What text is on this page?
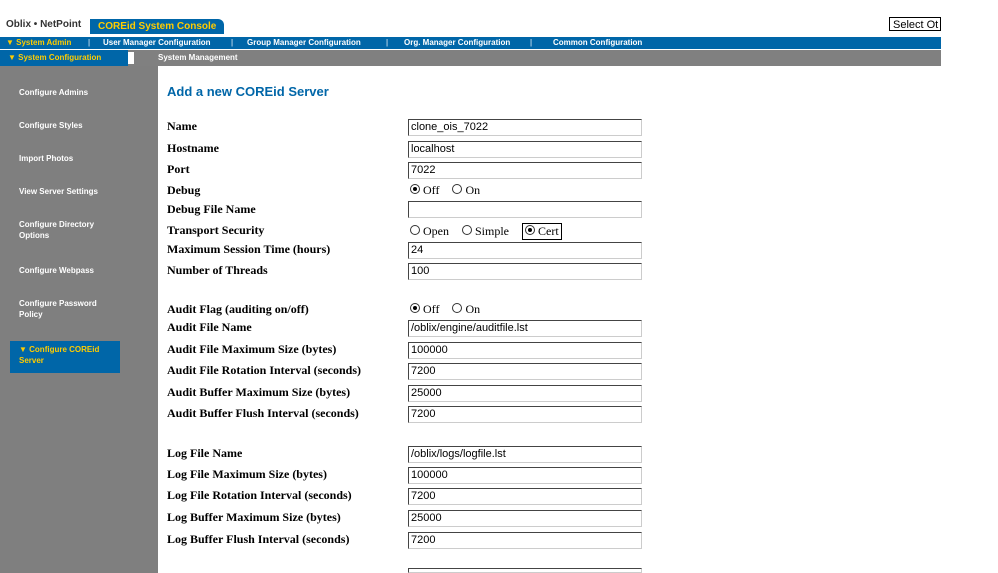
Oblix • NetPoint	COREid System Console	Select Ot
▼ System Admin | User Manager Configuration	| Group Manager Configuration	| Org. Manager Configuration |	Common Configuration
▼ System Configuration	System Management
Configure Admins
Configure Styles
Import Photos
View Server Settings
Configure Directory Options
Configure Webpass
Configure Password Policy
▼ Configure COREid Server
Add a new COREid Server
Name	clone_ois_7022
Hostname	localhost
Port	7022
Debug	Off On
Debug File Name
Transport Security	Open Simple Cert
Maximum Session Time (hours)	24
Number of Threads	100
Audit Flag (auditing on/off)	Off On
Audit File Name	/oblix/engine/auditfile.lst
Audit File Maximum Size (bytes)	100000
Audit File Rotation Interval (seconds)	7200
Audit Buffer Maximum Size (bytes)	25000
Audit Buffer Flush Interval (seconds)	7200
Log File Name	/oblix/logs/logfile.lst
Log File Maximum Size (bytes)	100000
Log File Rotation Interval (seconds)	7200
Log Buffer Maximum Size (bytes)	25000
Log Buffer Flush Interval (seconds)	7200
